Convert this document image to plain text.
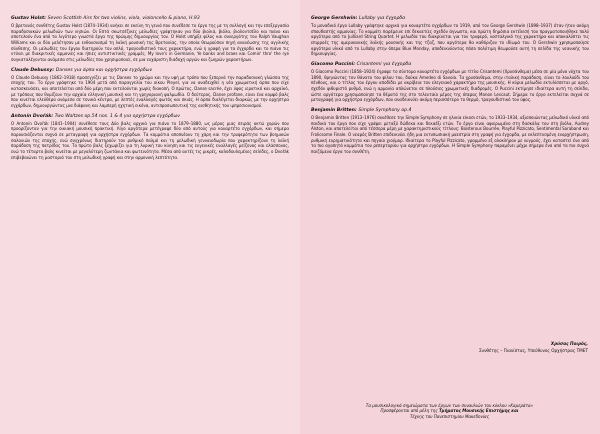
Gustav Holst: Seven Scottish Airs for two violins, viola, violoncello & piano, H.93

Ο βρετανός συνθέτης Gustav Holst (1874–1934) ανήκει σε εκείνη τη γενιά που συνέδεσε το έργο της με τη συλλογή και την επεξεργασία παραδοσιακών μελωδιών των νησιών. Οι Επτά σκωτσέζικες μελωδίες γράφτηκαν για δύο βιολιά, βιόλα, βιολοντσέλο και πιάνο και αποτελούν ένα από τα λιγότερο γνωστά έργα της πρώιμης δημιουργίας του. Ο Holst υπήρξε φίλος και συνεργάτης του Ralph Vaughan Williams και οι δύο μελέτησαν με ενθουσιασμό τη λαϊκή μουσική της Βρετανίας, την οποία θεωρούσαν πηγή ανανέωσης της αγγλικής σύνθεσης. Οι μελωδίες του έργου διατηρούν τον απλό, τραγουδιστικό τους χαρακτήρα, ενώ η γραφή για τα έγχορδα και το πιάνο τις ντύνει με διακριτικές αρμονίες και ήπιες αντιστικτικές γραμμές. My love's in Germanie, Ye banks and braes και Comin' thro' the rye συγκαταλέγονται ανάμεσα στις μελωδίες που χρησιμοποιεί, σε μια ευχάριστη διαδοχή αργών και ζωηρών χαρακτήρων.

Claude Debussy: Danses για άρπα και ορχήστρα εγχόρδων

Ο Claude Debussy (1862–1918) προσεγγίζει με τις Danses το χρώμα και την υφή με τρόπο που ξεπερνά την παραδοσιακή γλώσσα της εποχής του. Το έργο γράφτηκε το 1904 μετά από παραγγελία του οίκου Pleyel, για να αναδειχθεί η νέα χρωματική άρπα που είχε κατασκευάσει, και αποτελείται από δύο μέρη που εκτελούνται χωρίς διακοπή. Ο πρώτος, Danse sacrée, έχει ύφος ιερατικό και αρχαϊκό, με τρόπους που θυμίζουν την αρχαία ελληνική μουσική και τη γρηγοριανή ψαλμωδία. Ο δεύτερος, Danse profane, είναι ένα κομψό βαλς που κινείται ελεύθερα ανάμεσα σε τονικά κέντρα, με λεπτές εναλλαγές φωτός και σκιάς. Η άρπα διαλέγεται διαρκώς με την ορχήστρα εγχόρδων, δημιουργώντας μια διάφανη και λαμπερή ηχητική εικόνα, αντιπροσωπευτική της αισθητικής του ιμπρεσιονισμού.

Antonín Dvořák: Two Waltzes op.54 nos. 1 & 4 για ορχήστρα εγχόρδων

Ο Antonín Dvořák (1841–1904) συνέθεσε τους Δύο βαλς αρχικά για πιάνο το 1879–1880, ως μέρος μιας σειράς οκτώ χορών που προορίζονταν για την οικιακή μουσική πρακτική. Λίγο αργότερα μετέγραψε δύο από αυτούς για κουαρτέτο εγχόρδων, και σήμερα παρουσιάζονται συχνά σε μεταγραφή για ορχήστρα εγχόρδων. Τα κομμάτια αποπνέουν τη χάρη και την τρυφερότητα των βοημικών σαλονιών της εποχής, ενώ συγχρόνως διατηρούν τον ρυθμικό παλμό και τη μελωδική γενναιοδωρία που χαρακτηρίζουν τη λαϊκή παράδοση της πατρίδας του. Το πρώτο βαλς ξεχωρίζει για τη λυρική του κίνηση και τις ευγενικές εναλλαγές μείζονος και ελάσσονος, ενώ το τέταρτο βαλς κινείται με μεγαλύτερη ζωντάνια και φωτεινότητα. Μέσα από αυτές τις μικρές, καλοδουλεμένες σελίδες, ο Dvořák επιβεβαιώνει τη μαστοριά του στη μελωδική γραφή και στην αρμονική λεπτότητα.

George Gershwin: Lullaby για έγχορδα

Το μοναδικό έργο Lullaby γράφτηκε αρχικά για κουαρτέτο εγχόρδων το 1919, από τον George Gershwin (1898–1937) όταν ήταν ακόμη σπουδαστής αρμονίας. Το κομμάτι παρέμεινε επί δεκαετίες σχεδόν άγνωστο, και πρώτη δημόσια εκτέλεσή του πραγματοποιήθηκε πολύ αργότερα από το Juilliard String Quartet. Η μελωδία του διακρίνεται για τον τρυφερό, νοσταλγικό της χαρακτήρα και αποκαλύπτει τις επιρροές της αμερικανικής λαϊκής μουσικής και της τζαζ, που αργότερα θα καθόριζαν το ιδίωμά του. Ο Gershwin χρησιμοποίησε αργότερα υλικό από το Lullaby στην όπερα Blue Monday, αποδεικνύοντας πόσο πολύτιμη θεωρούσε αυτή τη σελίδα της νεανικής του δημιουργίας.

Giacomo Puccini: Crisantemi για έγχορδα

Ο Giacomo Puccini (1858–1924) έγραψε το σύντομο κουαρτέτο εγχόρδων με τίτλο Crisantemi (Χρυσάνθεμα) μέσα σε μία μόνο νύχτα του 1890, θρηνώντας τον θάνατο του φίλου του, δούκα Amedeo di Savoia. Τα χρυσάνθεμα, στην ιταλική παράδοση, είναι το λουλούδι του πένθους, και ο τίτλος του έργου αποδίδει με ακρίβεια τον ελεγειακό χαρακτήρα της μουσικής. Η κύρια μελωδία εκτυλίσσεται με αργό, σχεδόν ψιθυριστό ρυθμό, ενώ η αρμονία απλώνεται σε πλούσιες χρωματικές διαδρομές. Ο Puccini εκτίμησε ιδιαίτερα αυτή τη σελίδα, ώστε αργότερα χρησιμοποίησε τα θέματά της στο τελευταίο μέρος της όπερας Manon Lescaut. Σήμερα το έργο εκτελείται συχνά σε μεταγραφή για ορχήστρα εγχόρδων, που αναδεικνύει ακόμη περισσότερο το θερμό, τραγουδιστικό του ύφος.

Benjamin Britten: Simple Symphony op.4

Ο Benjamin Britten (1913–1976) συνέθεσε την Simple Symphony σε ηλικία είκοσι ετών, το 1933–1934, αξιοποιώντας μελωδικό υλικό από παιδικά του έργα που είχε γράψει μεταξύ δώδεκα και δεκαέξι ετών. Το έργο είναι αφιερωμένο στη δασκάλα του στη βιόλα, Audrey Alston, και αποτελείται από τέσσερα μέρη με χαρακτηριστικούς τίτλους: Boisterous Bourrée, Playful Pizzicato, Sentimental Saraband και Frolicsome Finale. Ο νεαρός Britten επιδεικνύει ήδη μια εντυπωσιακή μαεστρία στη γραφή για έγχορδα, με εκλεπτυσμένη ενορχήστρωση, ρυθμική ευρηματικότητα και πηγαίο χιούμορ. Ιδιαίτερα το Playful Pizzicato, γραμμένο εξ ολοκλήρου με νυγμούς, έχει καταστεί ένα από τα πιο αγαπητά κομμάτια του ρεπερτορίου για ορχήστρα εγχόρδων. Η Simple Symphony παραμένει μέχρι σήμερα ένα από τα πιο συχνά παιζόμενα έργα του συνθέτη.

Χρύσας Ποιρός,
Συνθέτης – Πιανίστας, Υπεύθυνος Ορχήστρας ΤΜΕΤ
Τα μουσικολογικά σημειώματα των έργων των συναυλιών του κύκλου «Καμεράτα»
Προσφέρονται από μέλη της Τμήματος Μουσικής Επιστήμης και
Τέχνης του Πανεπιστημίου Μακεδονίας
